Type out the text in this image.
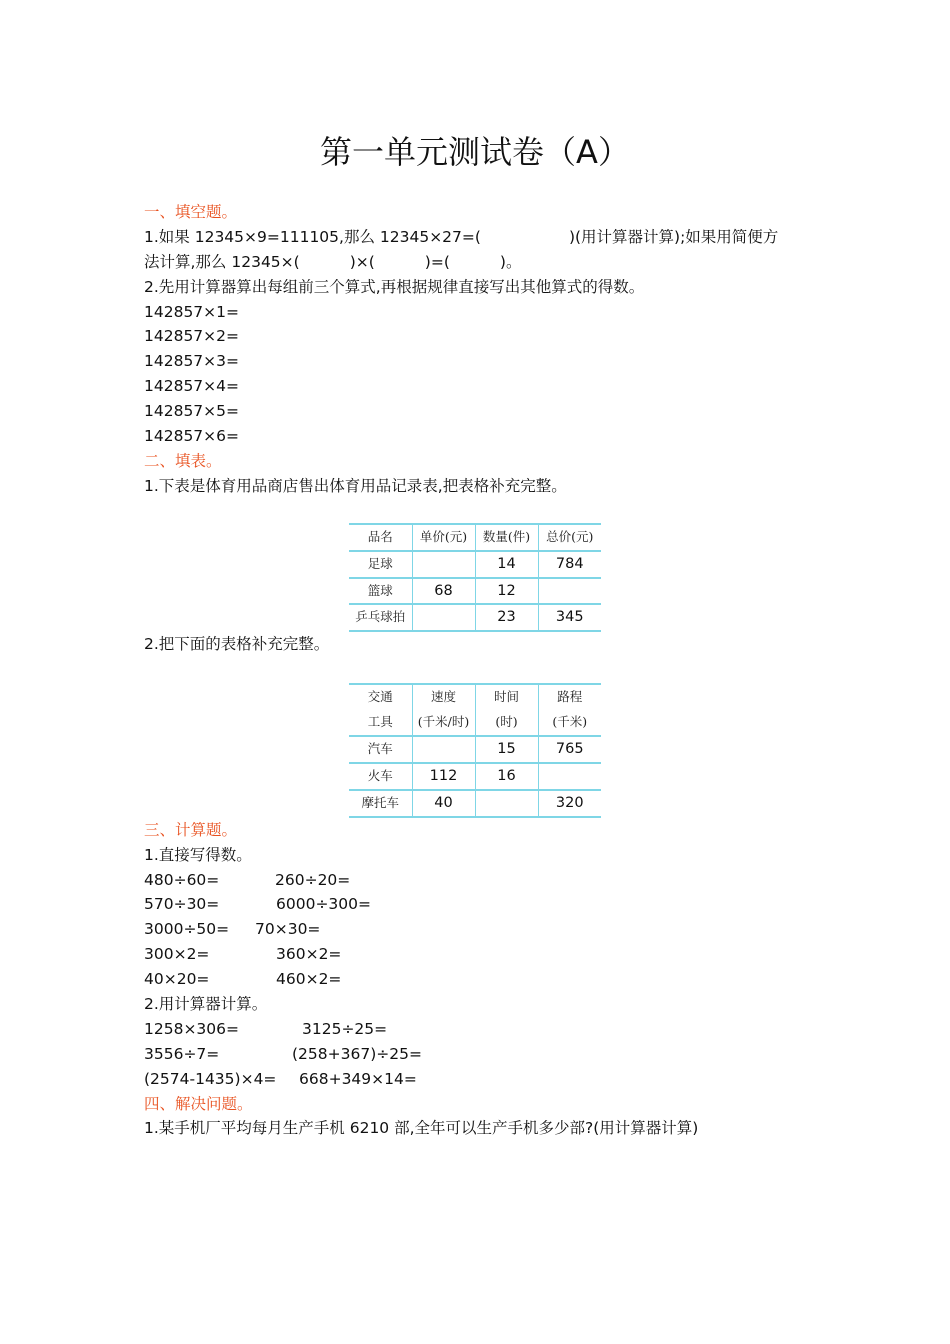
第一单元测试卷（A）
一、填空题。
1.如果 12345×9=111105,那么 12345×27=(	)(用计算器计算);如果用简便方
法计算,那么 12345×(	)×(	)=(	)。
2.先用计算器算出每组前三个算式,再根据规律直接写出其他算式的得数。
142857×1=
142857×2=
142857×3=
142857×4=
142857×5=
142857×6=
二、填表。
1.下表是体育用品商店售出体育用品记录表,把表格补充完整。
品名	单价(元)	数量(件)	总价(元)
足球		14	784
篮球	68	12	
乒乓球拍		23	345
2.把下面的表格补充完整。
交通	速度	时间	路程
工具	(千米/时)	(时)	(千米)
汽车		15	765
火车	112	16	
摩托车	40		320
三、计算题。
1.直接写得数。
480÷60=	260÷20=
570÷30=	6000÷300=
3000÷50= 70×30=
300×2=	360×2=
40×20=	460×2=
2.用计算器计算。
1258×306=	3125÷25=
3556÷7=	(258+367)÷25=
(2574-1435)×4= 668+349×14=
四、解决问题。
1.某手机厂平均每月生产手机 6210 部,全年可以生产手机多少部?(用计算器计算)
